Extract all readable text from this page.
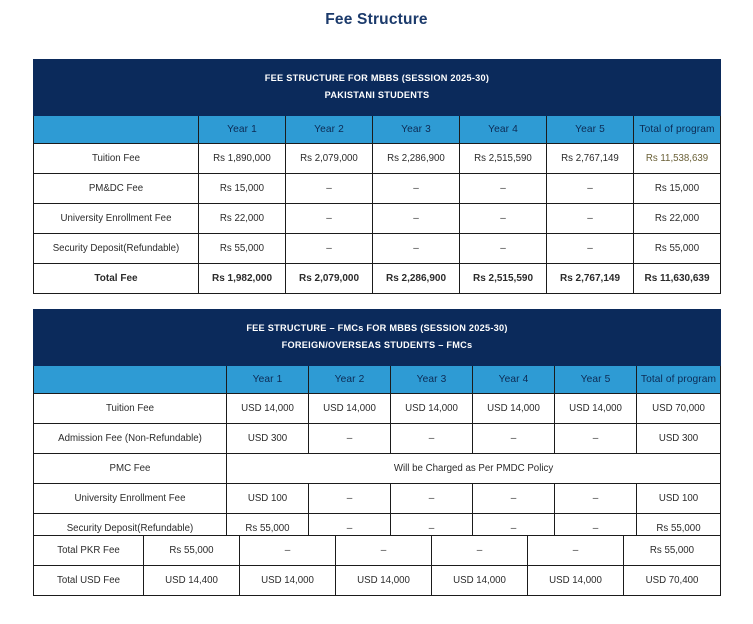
Fee Structure
FEE STRUCTURE FOR MBBS (SESSION 2025-30)
PAKISTANI STUDENTS						

	Year 1	Year 2	Year 3	Year 4	Year 5	Total of program
Tuition Fee	Rs 1,890,000	Rs 2,079,000	Rs 2,286,900	Rs 2,515,590	Rs 2,767,149	Rs 11,538,639
PM&DC Fee	Rs 15,000	–	–	–	–	Rs 15,000
University Enrollment Fee	Rs 22,000	–	–	–	–	Rs 22,000
Security Deposit(Refundable)	Rs 55,000	–	–	–	–	Rs 55,000
Total Fee	Rs 1,982,000	Rs 2,079,000	Rs 2,286,900	Rs 2,515,590	Rs 2,767,149	Rs 11,630,639
FEE STRUCTURE – FMCs FOR MBBS (SESSION 2025-30)
FOREIGN/OVERSEAS STUDENTS – FMCs						

	Year 1	Year 2	Year 3	Year 4	Year 5	Total of program
Tuition Fee	USD 14,000	USD 14,000	USD 14,000	USD 14,000	USD 14,000	USD 70,000
Admission Fee (Non-Refundable)	USD 300	–	–	–	–	USD 300
PMC Fee	Will be Charged as Per PMDC Policy					
University Enrollment Fee	USD 100	–	–	–	–	USD 100
Security Deposit(Refundable)	Rs 55,000	–	–	–	–	Rs 55,000
Total PKR Fee	Rs 55,000	–	–	–	–	Rs 55,000
Total USD Fee	USD 14,400	USD 14,000	USD 14,000	USD 14,000	USD 14,000	USD 70,400
